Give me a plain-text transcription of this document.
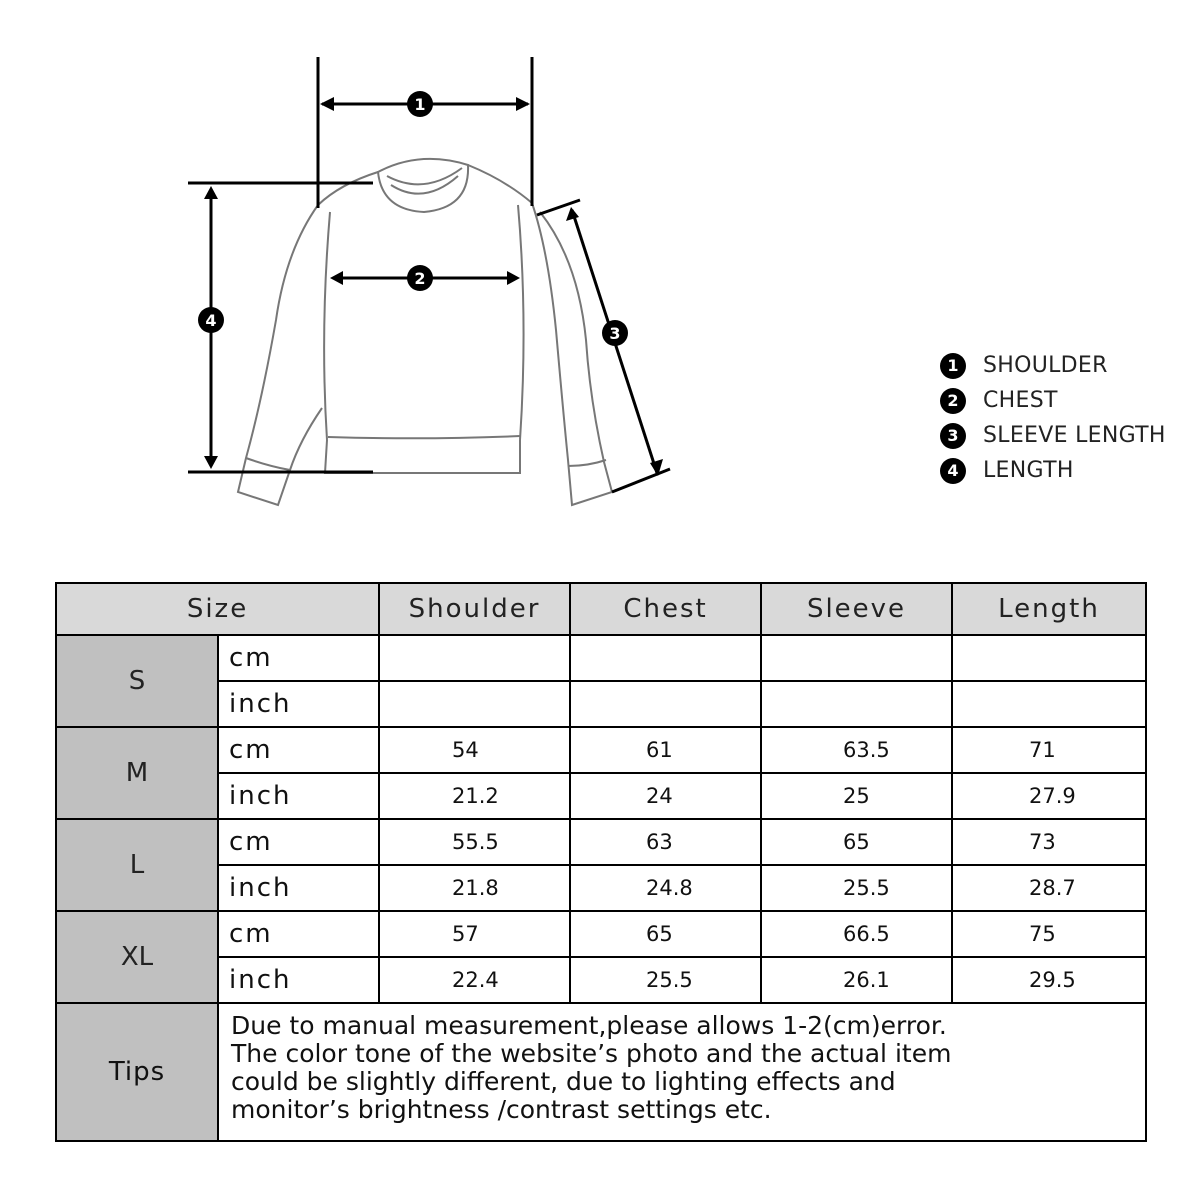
1
2
3
4
1	SHOULDER
2	CHEST
3	SLEEVE LENGTH
4	LENGTH
Size		Shoulder	Chest	Sleeve	Length
S	cm				
	inch				
M	cm	54	61	63.5	71
	inch	21.2	24	25	27.9
L	cm	55.5	63	65	73
	inch	21.8	24.8	25.5	28.7
XL	cm	57	65	66.5	75
	inch	22.4	25.5	26.1	29.5
Tips	Due to manual measurement,please allows 1-2(cm)error.
The color tone of the website’s photo and the actual item
could be slightly different, due to lighting effects and
monitor’s brightness /contrast settings etc.				
